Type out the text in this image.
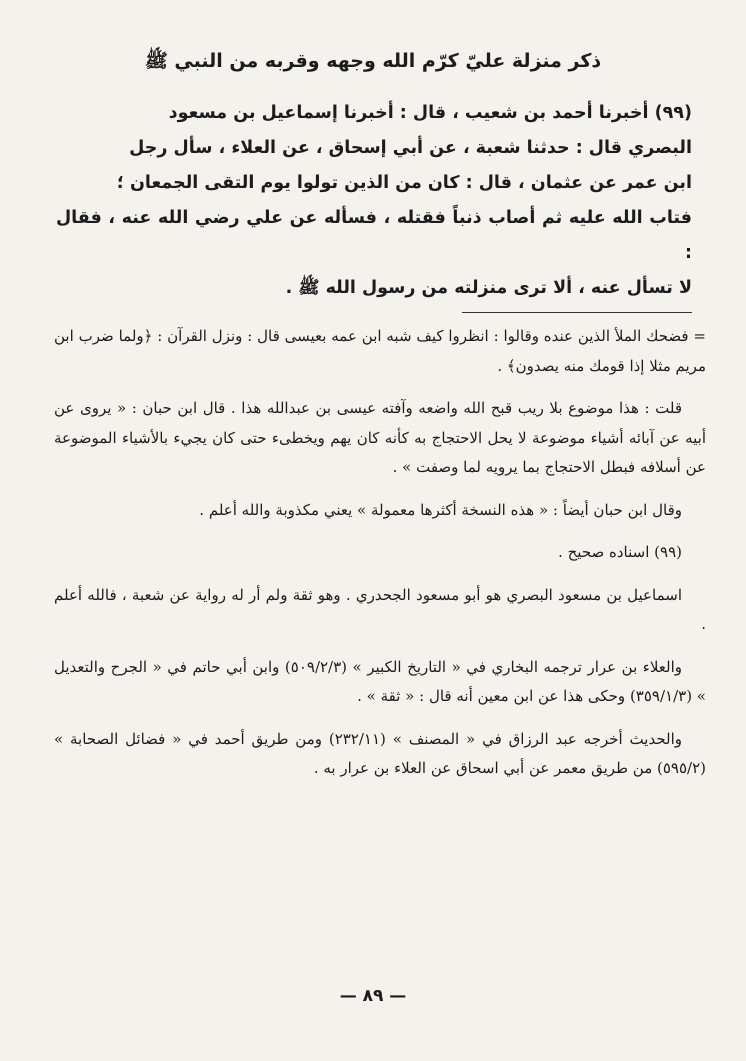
ذكر منزلة عليّ كرّم الله وجهه وقربه من النبي ﷺ

(٩٩) أخبرنا أحمد بن شعيب ، قال : أخبرنا إسماعيل بن مسعود

البصري قال : حدثنا شعبة ، عن أبي إسحاق ، عن العلاء ، سأل رجل

ابن عمر عن عثمان ، قال : كان من الذين تولوا يوم التقى الجمعان ؛

فتاب الله عليه ثم أصاب ذنباً فقتله ، فسأله عن علي رضي الله عنه ، فقال :

لا تسأل عنه ، ألا ترى منزلته من رسول الله ﷺ .

= فضحك الملأ الذين عنده وقالوا : انظروا كيف شبه ابن عمه بعيسى قال : ونزل القرآن : ﴿ولما ضرب ابن مريم مثلا إذا قومك منه يصدون﴾ .

قلت : هذا موضوع بلا ريب قبح الله واضعه وآفته عيسى بن عبدالله هذا . قال ابن حبان : « يروى عن أبيه عن آبائه أشياء موضوعة لا يحل الاحتجاج به كأنه كان يهم ويخطىء حتى كان يجيء بالأشياء الموضوعة عن أسلافه فبطل الاحتجاج بما يرويه لما وصفت » .

وقال ابن حبان أيضاً : « هذه النسخة أكثرها معمولة » يعني مكذوبة والله أعلم .

(٩٩) اسناده صحيح .

اسماعيل بن مسعود البصري هو أبو مسعود الجحدري . وهو ثقة ولم أر له رواية عن شعبة ، فالله أعلم .

والعلاء بن عرار ترجمه البخاري في « التاريخ الكبير » (٥٠٩/٢/٣) وابن أبي حاتم في « الجرح والتعديل » (٣٥٩/١/٣) وحكى هذا عن ابن معين أنه قال : « ثقة » .

والحديث أخرجه عبد الرزاق في « المصنف » (٢٣٢/١١) ومن طريق أحمد في « فضائل الصحابة » (٥٩٥/٢) من طريق معمر عن أبي اسحاق عن العلاء بن عرار به .

— ٨٩ —
